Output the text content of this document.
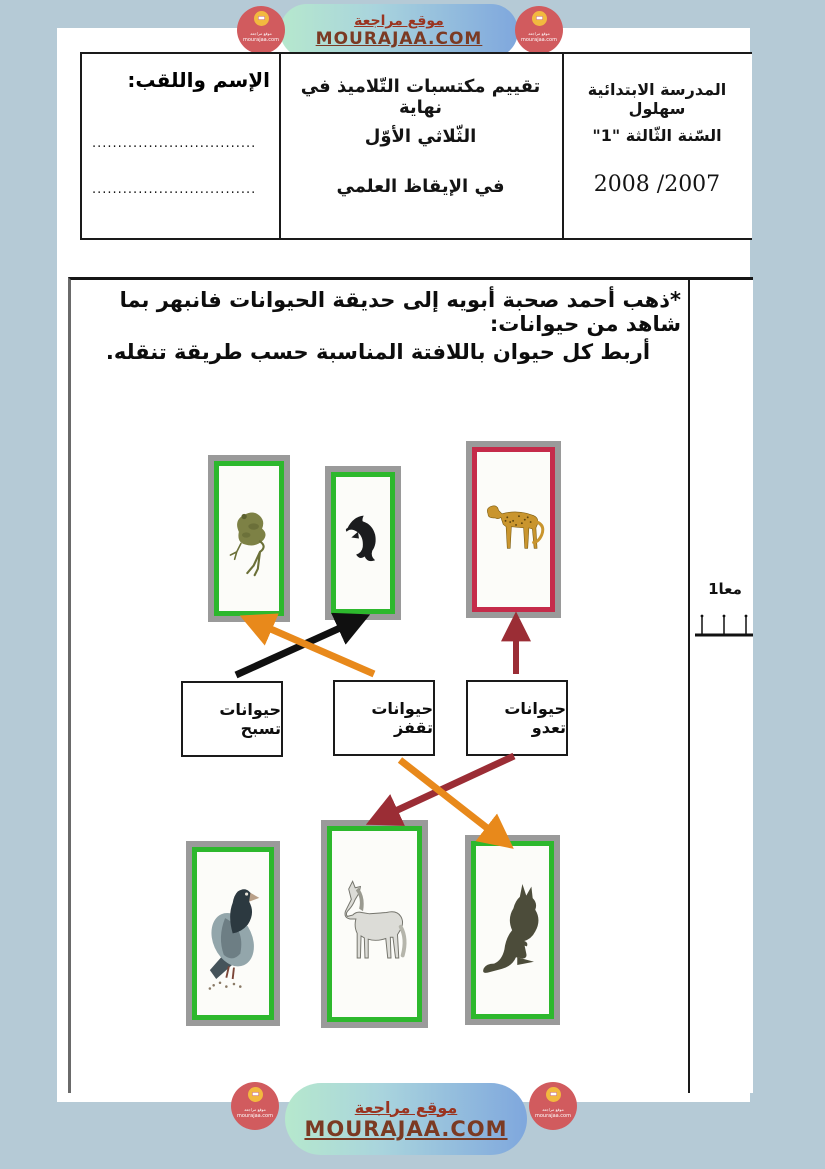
موقع مراجعة
MOURAJAA.COM
موقع مراجعة
mourajaa.com
موقع مراجعة
mourajaa.com
المدرسة الابتدائية سهلول
السّنة الثّالثة "1"
2008 /2007
تقييم مكتسبات التّلاميذ في نهاية
الثّلاثي الأوّل
في الإيقاظ العلمي
الإسم واللقب:
................................
................................
*ذهب أحمد صحبة أبويه إلى حديقة الحيوانات فانبهر بما شاهد من حيوانات:
أربط كل حيوان باللافتة المناسبة حسب طريقة تنقله.
معا1
حيوانات تسبح
حيوانات تقفز
حيوانات تعدو
موقع مراجعة
MOURAJAA.COM
موقع مراجعة
mourajaa.com
موقع مراجعة
mourajaa.com
